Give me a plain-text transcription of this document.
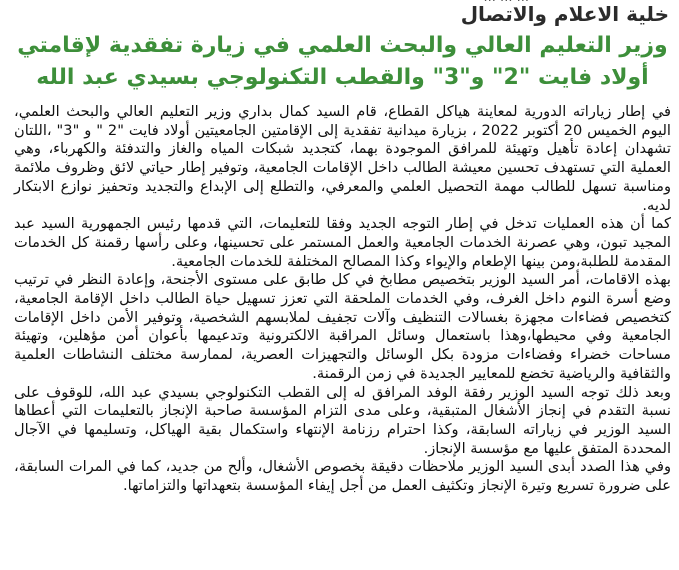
خلية الاعلام والاتصال
وزير التعليم العالي والبحث العلمي في زيارة تفقدية لإقامتي
أولاد فايت "2" و"3" والقطب التكنولوجي بسيدي عبد الله

في إطار زياراته الدورية لمعاينة هياكل القطاع، قام السيد كمال بداري وزير التعليم العالي والبحث العلمي، اليوم الخميس 20 أكتوبر 2022 ، بزيارة ميدانية تفقدية إلى الإقامتين الجامعيتين أولاد فايت "2 " و "3" ،اللتان تشهدان إعادة تأهيل وتهيئة للمرافق الموجودة بهما، كتجديد شبكات المياه والغاز والتدفئة والكهرباء، وهي العملية التي تستهدف تحسين معيشة الطالب داخل الإقامات الجامعية، وتوفير إطار حياتي لائق وظروف ملائمة ومناسبة تسهل للطالب مهمة التحصيل العلمي والمعرفي، والتطلع إلى الإبداع والتجديد وتحفيز نوازع الابتكار لديه.

كما أن هذه العمليات تدخل في إطار التوجه الجديد وفقا للتعليمات، التي قدمها رئيس الجمهورية السيد عبد المجيد تبون، وهي عصرنة الخدمات الجامعية والعمل المستمر على تحسينها، وعلى رأسها رقمنة كل الخدمات المقدمة للطلبة،ومن بينها الإطعام والإيواء وكذا المصالح المختلفة للخدمات الجامعية.

بهذه الاقامات، أمر السيد الوزير بتخصيص مطابخ في كل طابق على مستوى الأجنحة، وإعادة النظر في ترتيب وضع أسرة النوم داخل الغرف، وفي الخدمات الملحقة التي تعزز تسهيل حياة الطالب داخل الإقامة الجامعية، كتخصيص فضاءات مجهزة بغسالات التنظيف وآلات تجفيف لملابسهم الشخصية، وتوفير الأمن داخل الإقامات الجامعية وفي محيطها،وهذا باستعمال وسائل المراقبة الالكترونية وتدعيمها بأعوان أمن مؤهلين، وتهيئة مساحات خضراء وفضاءات مزودة بكل الوسائل والتجهيزات العصرية، لممارسة مختلف النشاطات العلمية والثقافية والرياضية تخضع للمعايير الجديدة في زمن الرقمنة.

وبعد ذلك توجه السيد الوزير رفقة الوفد المرافق له إلى القطب التكنولوجي بسيدي عبد الله، للوقوف على نسبة التقدم في إنجاز الأشغال المتبقية، وعلى مدى التزام المؤسسة صاحبة الإنجاز بالتعليمات التي أعطاها السيد الوزير في زياراته السابقة، وكذا احترام رزنامة الإنتهاء واستكمال بقية الهياكل، وتسليمها في الآجال المحددة المتفق عليها مع مؤسسة الإنجاز.

وفي هذا الصدد أبدى السيد الوزير ملاحظات دقيقة بخصوص الأشغال، وألح من جديد، كما في المرات السابقة، على ضرورة تسريع وتيرة الإنجاز وتكثيف العمل من أجل إيفاء المؤسسة بتعهداتها والتزاماتها.
